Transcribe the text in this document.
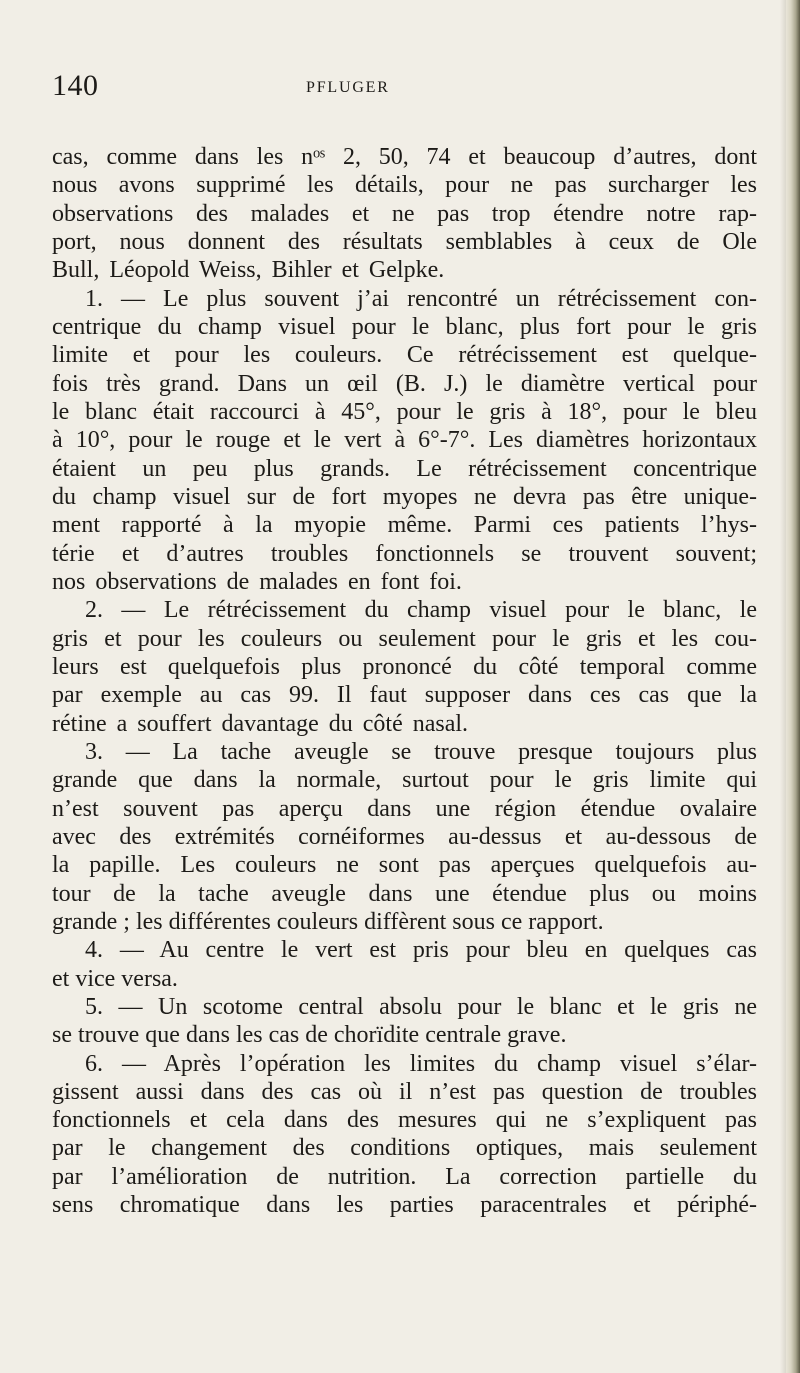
140	PFLUGER
cas, comme dans les nᵒˢ 2, 50, 74 et beaucoup d’autres, dont
nous avons supprimé les détails, pour ne pas surcharger les
observations des malades et ne pas trop étendre notre rap-
port, nous donnent des résultats semblables à ceux de Ole
Bull, Léopold Weiss, Bihler et Gelpke.
1. — Le plus souvent j’ai rencontré un rétrécissement con-
centrique du champ visuel pour le blanc, plus fort pour le gris
limite et pour les couleurs. Ce rétrécissement est quelque-
fois très grand. Dans un œil (B. J.) le diamètre vertical pour
le blanc était raccourci à 45°, pour le gris à 18°, pour le bleu
à 10°, pour le rouge et le vert à 6°-7°. Les diamètres horizontaux
étaient un peu plus grands. Le rétrécissement concentrique
du champ visuel sur de fort myopes ne devra pas être unique-
ment rapporté à la myopie même. Parmi ces patients l’hys-
térie et d’autres troubles fonctionnels se trouvent souvent;
nos observations de malades en font foi.
2. — Le rétrécissement du champ visuel pour le blanc, le
gris et pour les couleurs ou seulement pour le gris et les cou-
leurs est quelquefois plus prononcé du côté temporal comme
par exemple au cas 99. Il faut supposer dans ces cas que la
rétine a souffert davantage du côté nasal.
3. — La tache aveugle se trouve presque toujours plus
grande que dans la normale, surtout pour le gris limite qui
n’est souvent pas aperçu dans une région étendue ovalaire
avec des extrémités cornéiformes au-dessus et au-dessous de
la papille. Les couleurs ne sont pas aperçues quelquefois au-
tour de la tache aveugle dans une étendue plus ou moins
grande ; les différentes couleurs diffèrent sous ce rapport.
4. — Au centre le vert est pris pour bleu en quelques cas
et vice versa.
5. — Un scotome central absolu pour le blanc et le gris ne
se trouve que dans les cas de chorïdite centrale grave.
6. — Après l’opération les limites du champ visuel s’élar-
gissent aussi dans des cas où il n’est pas question de troubles
fonctionnels et cela dans des mesures qui ne s’expliquent pas
par le changement des conditions optiques, mais seulement
par l’amélioration de nutrition. La correction partielle du
sens chromatique dans les parties paracentrales et périphé-
